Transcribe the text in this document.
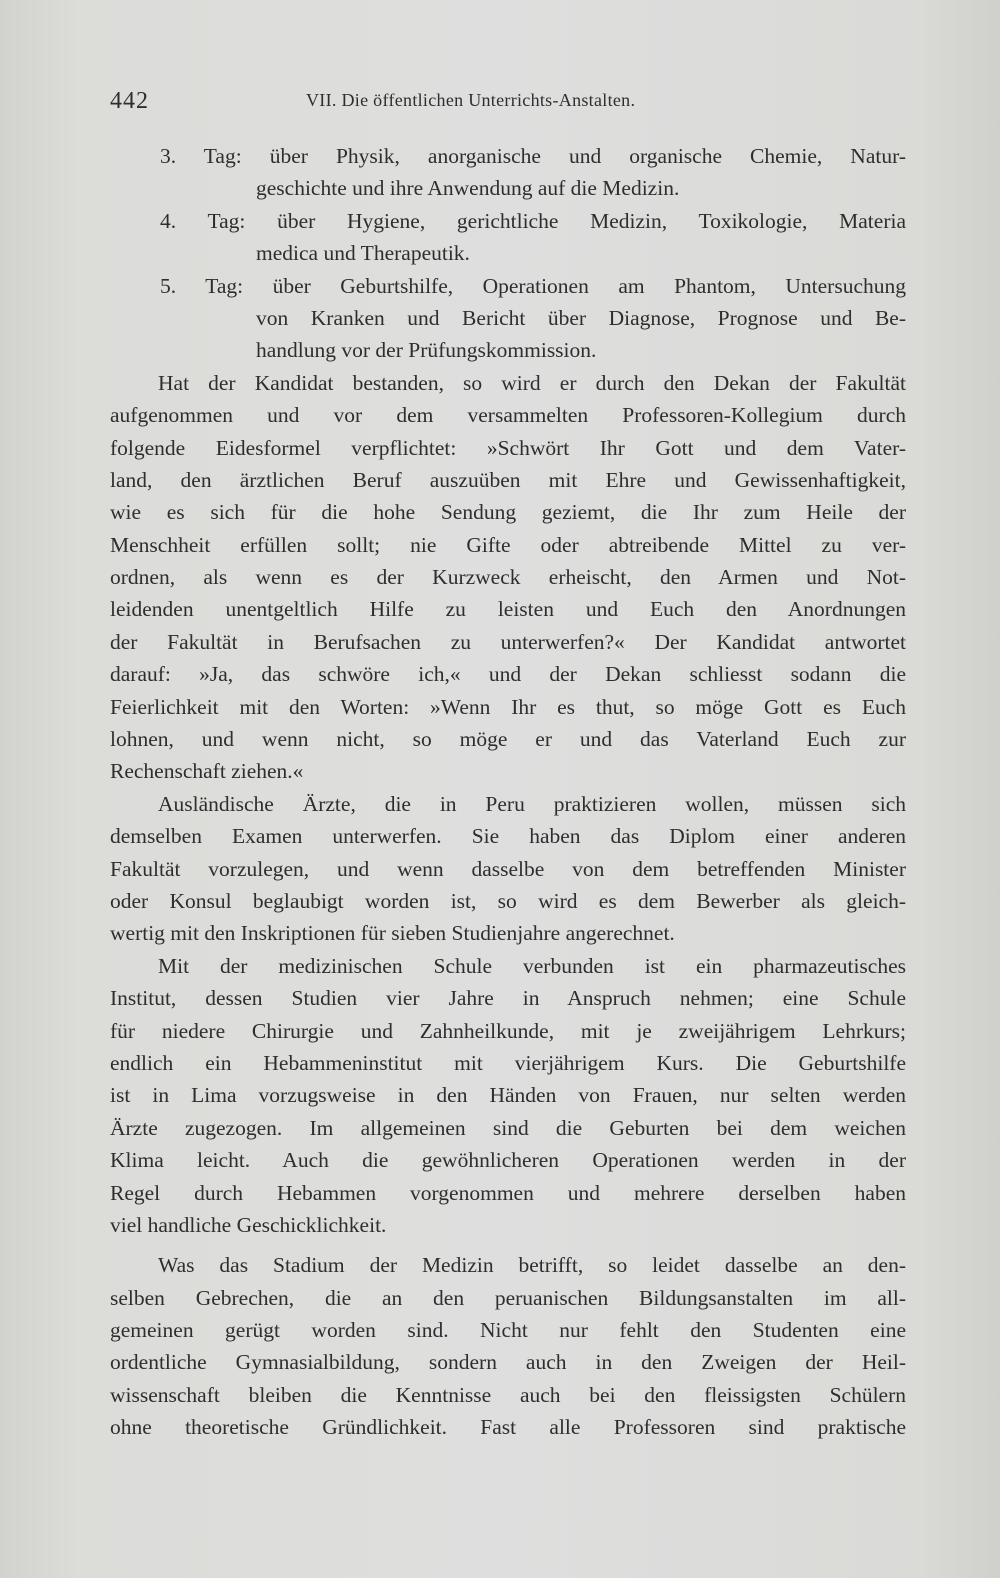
442	VII. Die öffentlichen Unterrichts-Anstalten.
3. Tag: über Physik, anorganische und organische Chemie, Natur-
geschichte und ihre Anwendung auf die Medizin.
4. Tag: über Hygiene, gerichtliche Medizin, Toxikologie, Materia
medica und Therapeutik.
5. Tag: über Geburtshilfe, Operationen am Phantom, Untersuchung
von Kranken und Bericht über Diagnose, Prognose und Be-
handlung vor der Prüfungskommission.
Hat der Kandidat bestanden, so wird er durch den Dekan der Fakultät
aufgenommen und vor dem versammelten Professoren-Kollegium durch
folgende Eidesformel verpflichtet: »Schwört Ihr Gott und dem Vater-
land, den ärztlichen Beruf auszuüben mit Ehre und Gewissenhaftigkeit,
wie es sich für die hohe Sendung geziemt, die Ihr zum Heile der
Menschheit erfüllen sollt; nie Gifte oder abtreibende Mittel zu ver-
ordnen, als wenn es der Kurzweck erheischt, den Armen und Not-
leidenden unentgeltlich Hilfe zu leisten und Euch den Anordnungen
der Fakultät in Berufsachen zu unterwerfen?« Der Kandidat antwortet
darauf: »Ja, das schwöre ich,« und der Dekan schliesst sodann die
Feierlichkeit mit den Worten: »Wenn Ihr es thut, so möge Gott es Euch
lohnen, und wenn nicht, so möge er und das Vaterland Euch zur
Rechenschaft ziehen.«
Ausländische Ärzte, die in Peru praktizieren wollen, müssen sich
demselben Examen unterwerfen. Sie haben das Diplom einer anderen
Fakultät vorzulegen, und wenn dasselbe von dem betreffenden Minister
oder Konsul beglaubigt worden ist, so wird es dem Bewerber als gleich-
wertig mit den Inskriptionen für sieben Studienjahre angerechnet.
Mit der medizinischen Schule verbunden ist ein pharmazeutisches
Institut, dessen Studien vier Jahre in Anspruch nehmen; eine Schule
für niedere Chirurgie und Zahnheilkunde, mit je zweijährigem Lehrkurs;
endlich ein Hebammeninstitut mit vierjährigem Kurs. Die Geburtshilfe
ist in Lima vorzugsweise in den Händen von Frauen, nur selten werden
Ärzte zugezogen. Im allgemeinen sind die Geburten bei dem weichen
Klima leicht. Auch die gewöhnlicheren Operationen werden in der
Regel durch Hebammen vorgenommen und mehrere derselben haben
viel handliche Geschicklichkeit.
Was das Stadium der Medizin betrifft, so leidet dasselbe an den-
selben Gebrechen, die an den peruanischen Bildungsanstalten im all-
gemeinen gerügt worden sind. Nicht nur fehlt den Studenten eine
ordentliche Gymnasialbildung, sondern auch in den Zweigen der Heil-
wissenschaft bleiben die Kenntnisse auch bei den fleissigsten Schülern
ohne theoretische Gründlichkeit. Fast alle Professoren sind praktische
